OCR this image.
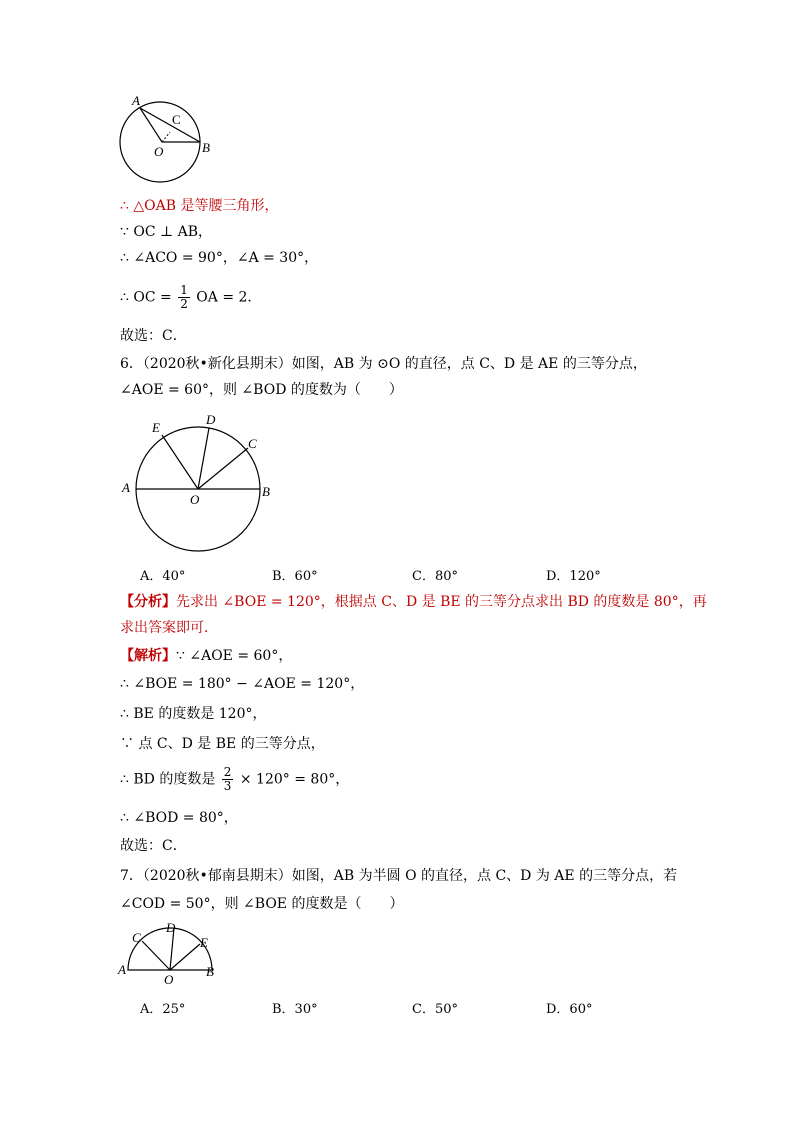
A
C
O	B
∴ △OAB 是等腰三角形，
∵ OC ⊥ AB，
∴ ∠ACO = 90°，∠A = 30°，
∴ OC = $\frac{1}{2}$ OA = 2．
故选：C．
6．（2020秋•新化县期末）如图，AB 为 ⊙O 的直径，点 C、D 是 AE 的三等分点，
∠AOE = 60°，则 ∠BOD 的度数为（　　）
E
D
C
A
O
B
A．40°	B．60°	C．80°	D．120°
【分析】先求出 ∠BOE = 120°，根据点 C、D 是 BE 的三等分点求出 BD 的度数是 80°，再
求出答案即可．
【解析】∵ ∠AOE = 60°，
∴ ∠BOE = 180° − ∠AOE = 120°，
∴ BE 的度数是 120°，
∵ 点 C、D 是 BE 的三等分点，
∴ BD 的度数是 $\frac{2}{3} \times 120^\circ = 80^\circ$，
∴ ∠BOD = 80°，
故选：C．
7．（2020秋•郁南县期末）如图，AB 为半圆 O 的直径，点 C、D 为 AE 的三等分点，若
∠COD = 50°，则 ∠BOE 的度数是（　　）
C
D
E
A
O
B
A．25°	B．30°	C．50°	D．60°
